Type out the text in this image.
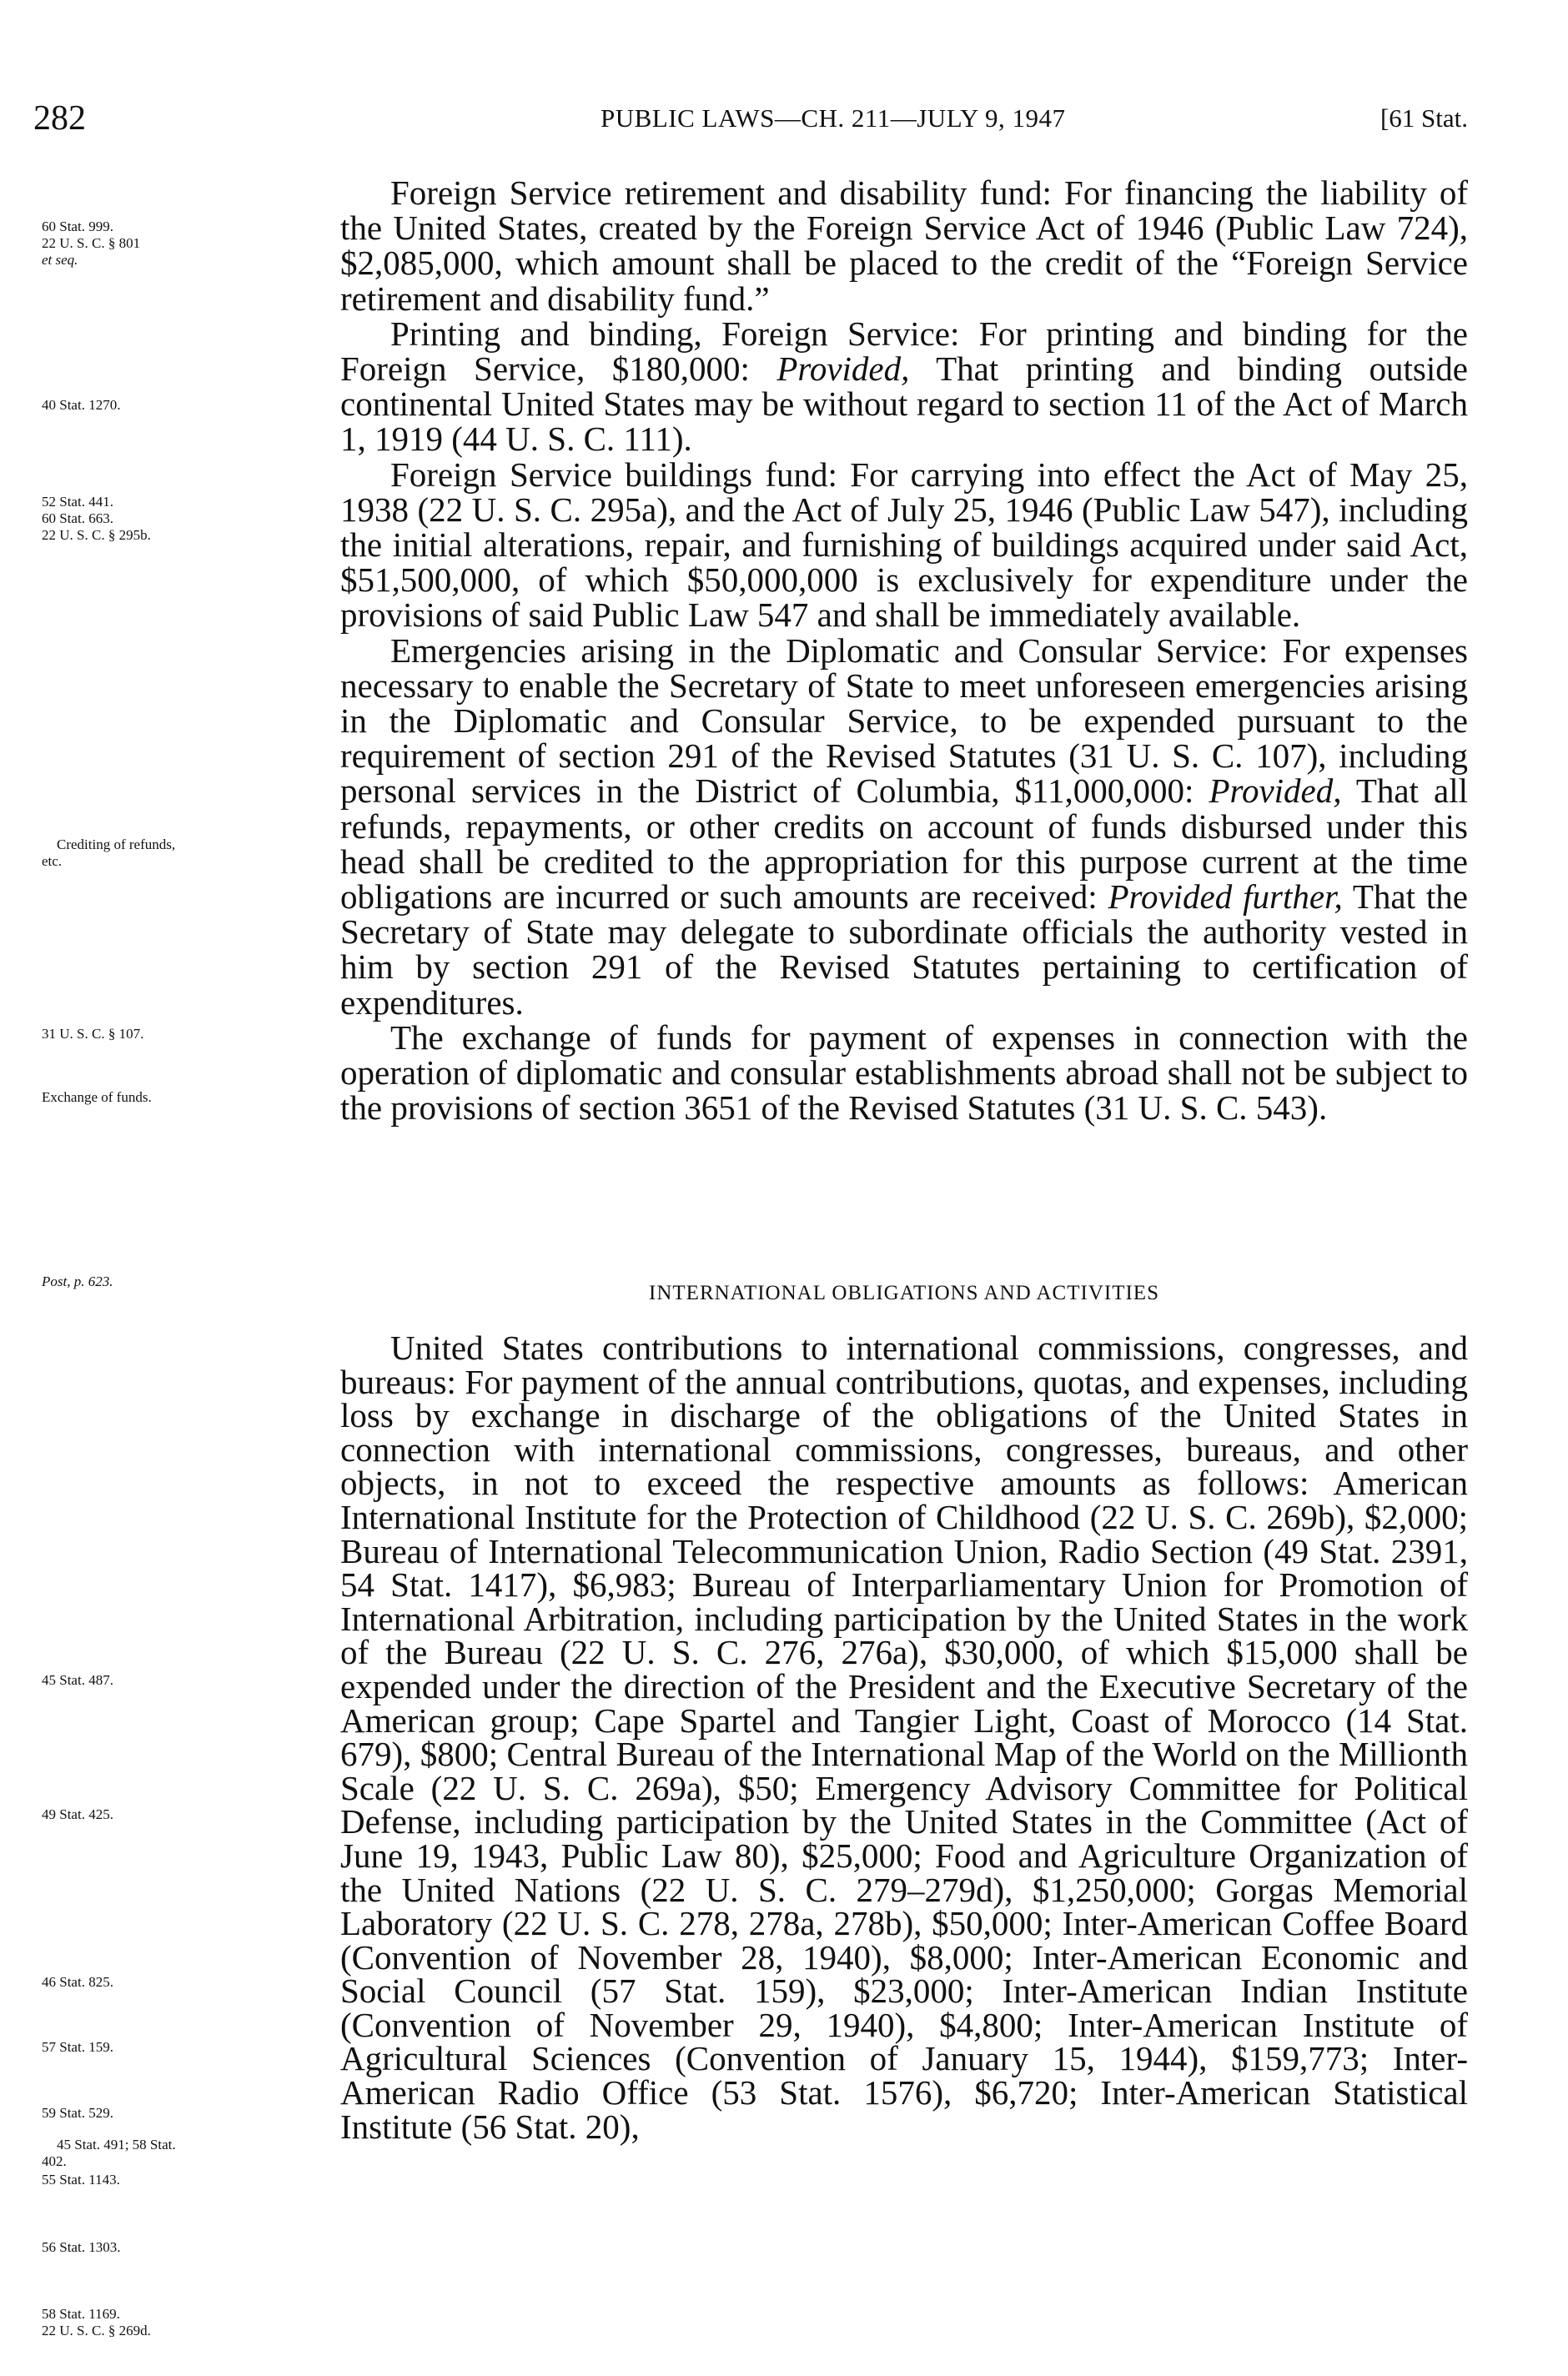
282	PUBLIC LAWS—CH. 211—JULY 9, 1947	[61 Stat.
60 Stat. 999.
22 U. S. C. § 801
et seq.
40 Stat. 1270.
52 Stat. 441.
60 Stat. 663.
22 U. S. C. § 295b.
Crediting of refunds,
etc.
31 U. S. C. § 107.
Exchange of funds.
Post, p. 623.
45 Stat. 487.
49 Stat. 425.
46 Stat. 825.
57 Stat. 159.
59 Stat. 529.
45 Stat. 491; 58 Stat.
402.
55 Stat. 1143.
56 Stat. 1303.
58 Stat. 1169.
22 U. S. C. § 269d.

Foreign Service retirement and disability fund: For financing the liability of the United States, created by the Foreign Service Act of 1946 (Public Law 724), $2,085,000, which amount shall be placed to the credit of the “Foreign Service retirement and disability fund.”

Printing and binding, Foreign Service: For printing and binding for the Foreign Service, $180,000: Provided, That printing and binding outside continental United States may be without regard to section 11 of the Act of March 1, 1919 (44 U. S. C. 111).

Foreign Service buildings fund: For carrying into effect the Act of May 25, 1938 (22 U. S. C. 295a), and the Act of July 25, 1946 (Public Law 547), including the initial alterations, repair, and furnishing of buildings acquired under said Act, $51,500,000, of which $50,000,000 is exclusively for expenditure under the provisions of said Public Law 547 and shall be immediately available.

Emergencies arising in the Diplomatic and Consular Service: For expenses necessary to enable the Secretary of State to meet unforeseen emergencies arising in the Diplomatic and Consular Service, to be expended pursuant to the requirement of section 291 of the Revised Statutes (31 U. S. C. 107), including personal services in the District of Columbia, $11,000,000: Provided, That all refunds, repayments, or other credits on account of funds disbursed under this head shall be credited to the appropriation for this purpose current at the time obligations are incurred or such amounts are received: Provided further, That the Secretary of State may delegate to subordinate officials the authority vested in him by section 291 of the Revised Statutes pertaining to certification of expenditures.

The exchange of funds for payment of expenses in connection with the operation of diplomatic and consular establishments abroad shall not be subject to the provisions of section 3651 of the Revised Statutes (31 U. S. C. 543).

INTERNATIONAL OBLIGATIONS AND ACTIVITIES

United States contributions to international commissions, congresses, and bureaus: For payment of the annual contributions, quotas, and expenses, including loss by exchange in discharge of the obligations of the United States in connection with international commissions, congresses, bureaus, and other objects, in not to exceed the respective amounts as follows: American International Institute for the Protection of Childhood (22 U. S. C. 269b), $2,000; Bureau of International Telecommunication Union, Radio Section (49 Stat. 2391, 54 Stat. 1417), $6,983; Bureau of Interparliamentary Union for Promotion of International Arbitration, including participation by the United States in the work of the Bureau (22 U. S. C. 276, 276a), $30,000, of which $15,000 shall be expended under the direction of the President and the Executive Secretary of the American group; Cape Spartel and Tangier Light, Coast of Morocco (14 Stat. 679), $800; Central Bureau of the International Map of the World on the Millionth Scale (22 U. S. C. 269a), $50; Emergency Advisory Committee for Political Defense, including participation by the United States in the Committee (Act of June 19, 1943, Public Law 80), $25,000; Food and Agriculture Organization of the United Nations (22 U. S. C. 279–279d), $1,250,000; Gorgas Memorial Laboratory (22 U. S. C. 278, 278a, 278b), $50,000; Inter-American Coffee Board (Convention of November 28, 1940), $8,000; Inter-American Economic and Social Council (57 Stat. 159), $23,000; Inter-American Indian Institute (Convention of November 29, 1940), $4,800; Inter-American Institute of Agricultural Sciences (Convention of January 15, 1944), $159,773; Inter-American Radio Office (53 Stat. 1576), $6,720; Inter-American Statistical Institute (56 Stat. 20),
